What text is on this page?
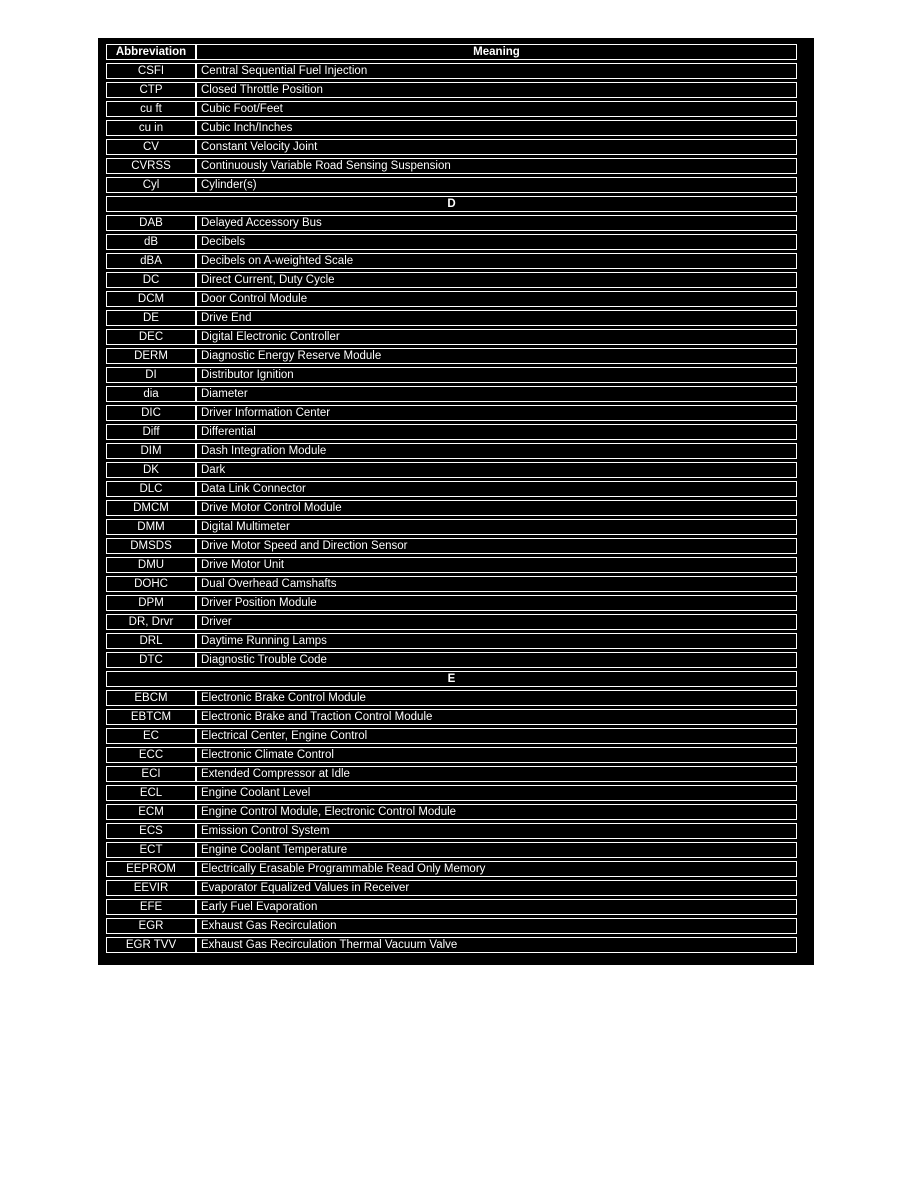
Abbreviation	Meaning
CSFI	Central Sequential Fuel Injection
CTP	Closed Throttle Position
cu ft	Cubic Foot/Feet
cu in	Cubic Inch/Inches
CV	Constant Velocity Joint
CVRSS	Continuously Variable Road Sensing Suspension
Cyl	Cylinder(s)
D	
DAB	Delayed Accessory Bus
dB	Decibels
dBA	Decibels on A-weighted Scale
DC	Direct Current, Duty Cycle
DCM	Door Control Module
DE	Drive End
DEC	Digital Electronic Controller
DERM	Diagnostic Energy Reserve Module
DI	Distributor Ignition
dia	Diameter
DIC	Driver Information Center
Diff	Differential
DIM	Dash Integration Module
DK	Dark
DLC	Data Link Connector
DMCM	Drive Motor Control Module
DMM	Digital Multimeter
DMSDS	Drive Motor Speed and Direction Sensor
DMU	Drive Motor Unit
DOHC	Dual Overhead Camshafts
DPM	Driver Position Module
DR, Drvr	Driver
DRL	Daytime Running Lamps
DTC	Diagnostic Trouble Code
E	
EBCM	Electronic Brake Control Module
EBTCM	Electronic Brake and Traction Control Module
EC	Electrical Center, Engine Control
ECC	Electronic Climate Control
ECI	Extended Compressor at Idle
ECL	Engine Coolant Level
ECM	Engine Control Module, Electronic Control Module
ECS	Emission Control System
ECT	Engine Coolant Temperature
EEPROM	Electrically Erasable Programmable Read Only Memory
EEVIR	Evaporator Equalized Values in Receiver
EFE	Early Fuel Evaporation
EGR	Exhaust Gas Recirculation
EGR TVV	Exhaust Gas Recirculation Thermal Vacuum Valve
